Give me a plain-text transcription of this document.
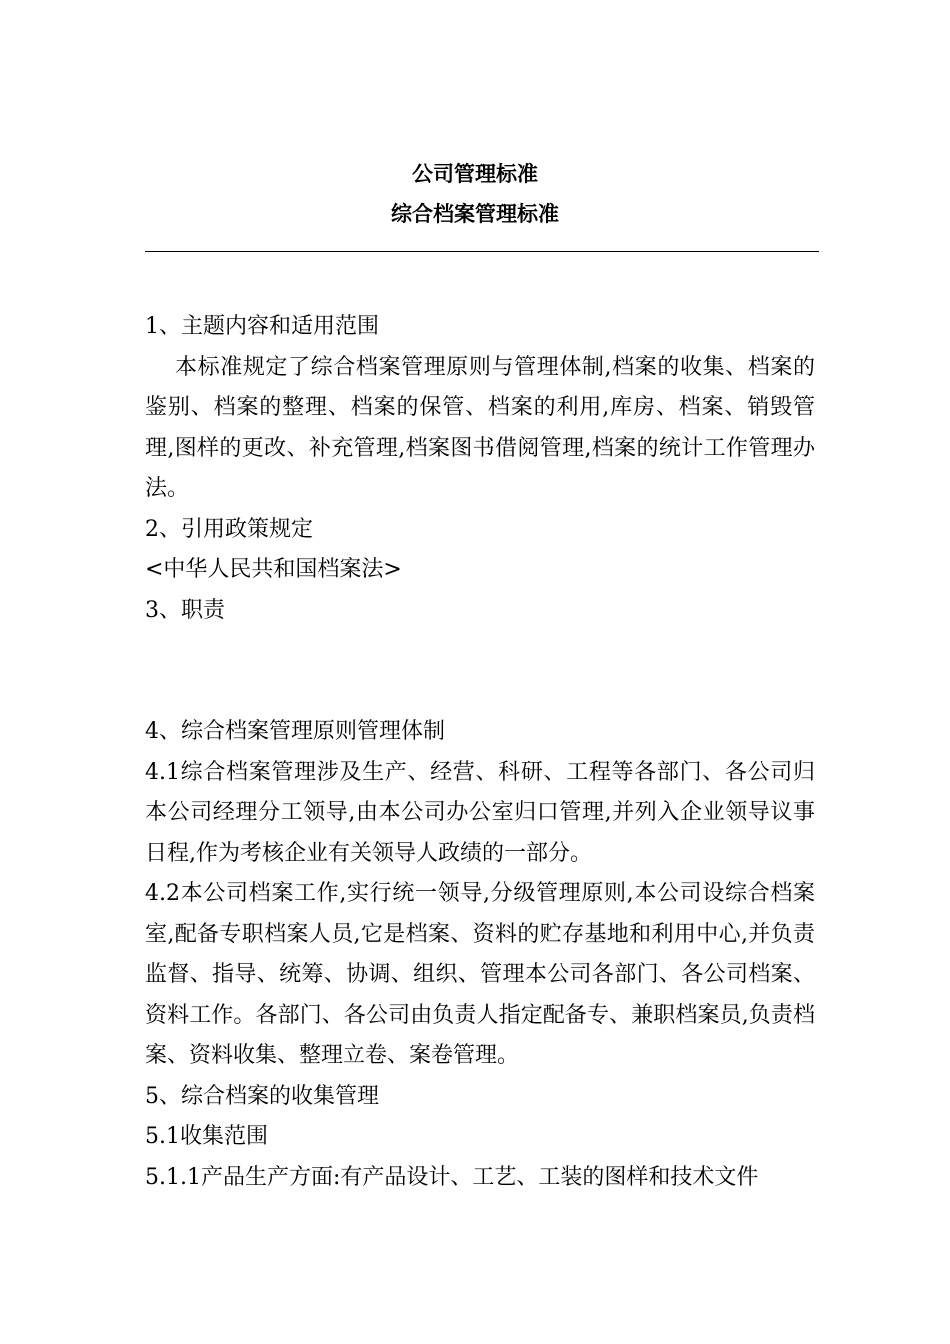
公司管理标准
综合档案管理标准

1、主题内容和适用范围

本标准规定了综合档案管理原则与管理体制,档案的收集、档案的鉴别、档案的整理、档案的保管、档案的利用,库房、档案、销毁管理,图样的更改、补充管理,档案图书借阅管理,档案的统计工作管理办法。

2、引用政策规定

<中华人民共和国档案法>

3、职责

4、综合档案管理原则管理体制

4.1综合档案管理涉及生产、经营、科研、工程等各部门、各公司归本公司经理分工领导,由本公司办公室归口管理,并列入企业领导议事日程,作为考核企业有关领导人政绩的一部分。

4.2本公司档案工作,实行统一领导,分级管理原则,本公司设综合档案室,配备专职档案人员,它是档案、资料的贮存基地和利用中心,并负责监督、指导、统筹、协调、组织、管理本公司各部门、各公司档案、资料工作。各部门、各公司由负责人指定配备专、兼职档案员,负责档案、资料收集、整理立卷、案卷管理。

5、综合档案的收集管理

5.1收集范围

5.1.1产品生产方面:有产品设计、工艺、工装的图样和技术文件
